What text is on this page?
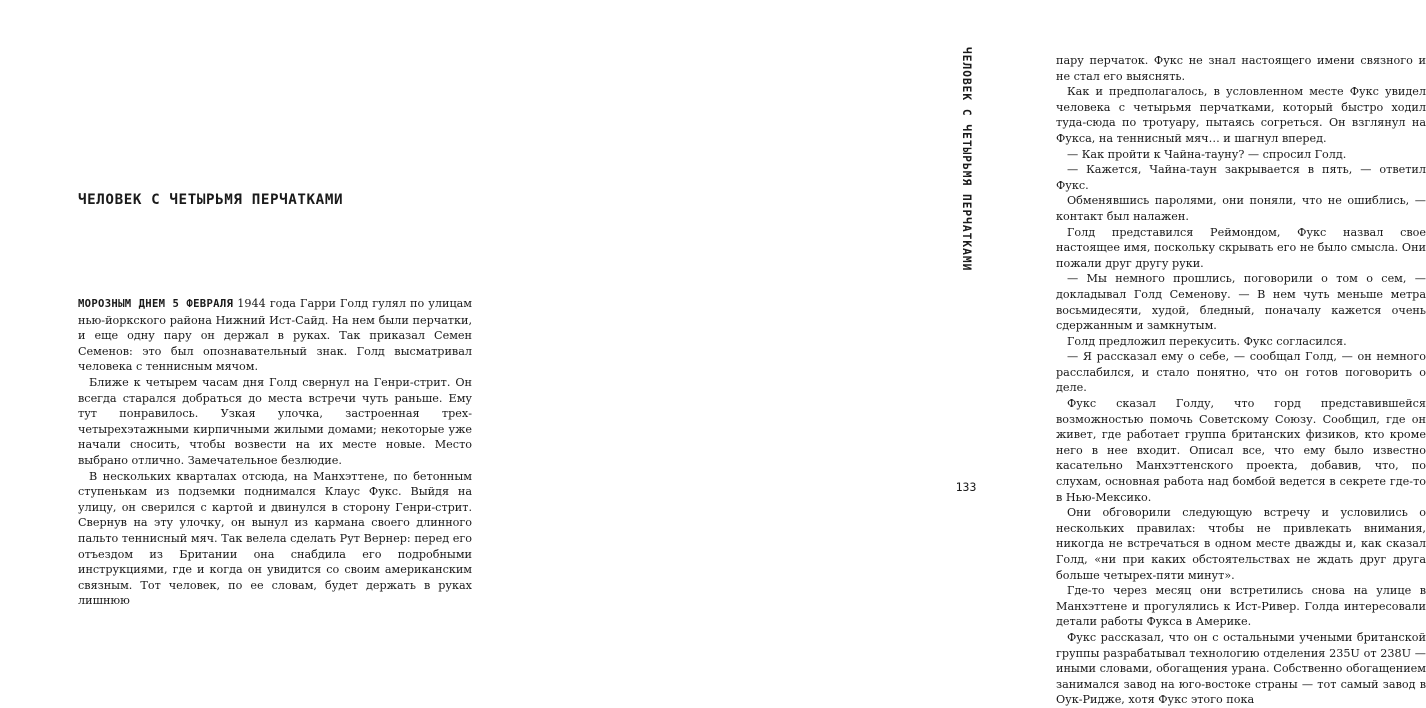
ЧЕЛОВЕК С ЧЕТЫРЬМЯ ПЕРЧАТКАМИ

МОРОЗНЫМ ДНЕМ 5 ФЕВРАЛЯ 1944 года Гарри Голд гулял по улицам нью-йоркского района Нижний Ист-Сайд. На нем были перчатки, и еще одну пару он держал в руках. Так приказал Семен Семенов: это был опознавательный знак. Голд высматривал человека с теннисным мячом.

Ближе к четырем часам дня Голд свернул на Генри-стрит. Он всегда старался добраться до места встречи чуть раньше. Ему тут понравилось. Узкая улочка, застроенная трех-четырехэтажными кирпичными жилыми домами; некоторые уже начали сносить, чтобы возвести на их месте новые. Место выбрано отлично. Замечательное безлюдие.

В нескольких кварталах отсюда, на Манхэттене, по бетонным ступенькам из подземки поднимался Клаус Фукс. Выйдя на улицу, он сверился с картой и двинулся в сторону Генри-стрит. Свернув на эту улочку, он вынул из кармана своего длинного пальто теннисный мяч. Так велела сделать Рут Вернер: перед его отъездом из Британии она снабдила его подробными инструкциями, где и когда он увидится со своим американским связным. Тот человек, по ее словам, будет держать в руках лишнюю

пару перчаток. Фукс не знал настоящего имени связного и не стал его выяснять.

Как и предполагалось, в условленном месте Фукс увидел человека с четырьмя перчатками, который быстро ходил туда-сюда по тротуару, пытаясь согреться. Он взглянул на Фукса, на теннисный мяч… и шагнул вперед.

— Как пройти к Чайна-тауну? — спросил Голд.

— Кажется, Чайна-таун закрывается в пять, — ответил Фукс.

Обменявшись паролями, они поняли, что не ошиблись, — контакт был налажен.

Голд представился Реймондом, Фукс назвал свое настоящее имя, поскольку скрывать его не было смысла. Они пожали друг другу руки.

— Мы немного прошлись, поговорили о том о сем, — докладывал Голд Семенову. — В нем чуть меньше метра восьмидесяти, худой, бледный, поначалу кажется очень сдержанным и замкнутым.

Голд предложил перекусить. Фукс согласился.

— Я рассказал ему о себе, — сообщал Голд, — он немного расслабился, и стало понятно, что он готов поговорить о деле.

Фукс сказал Голду, что горд представившейся возможностью помочь Советскому Союзу. Сообщил, где он живет, где работает группа британских физиков, кто кроме него в нее входит. Описал все, что ему было известно касательно Манхэттенского проекта, добавив, что, по слухам, основная работа над бомбой ведется в секрете где-то в Нью-Мексико.

Они обговорили следующую встречу и условились о нескольких правилах: чтобы не привлекать внимания, никогда не встречаться в одном месте дважды и, как сказал Голд, «ни при каких обстоятельствах не ждать друг друга больше четырех-пяти минут».

Где-то через месяц они встретились снова на улице в Манхэттене и прогулялись к Ист-Ривер. Голда интересовали детали работы Фукса в Америке.

Фукс рассказал, что он с остальными учеными британской группы разрабатывал технологию отделения 235U от 238U — иными словами, обогащения урана. Собственно обогащением занимался завод на юго-востоке страны — тот самый завод в Оук-Ридже, хотя Фукс этого пока

ЧЕЛОВЕК С ЧЕТЫРЬМЯ ПЕРЧАТКАМИ
133
